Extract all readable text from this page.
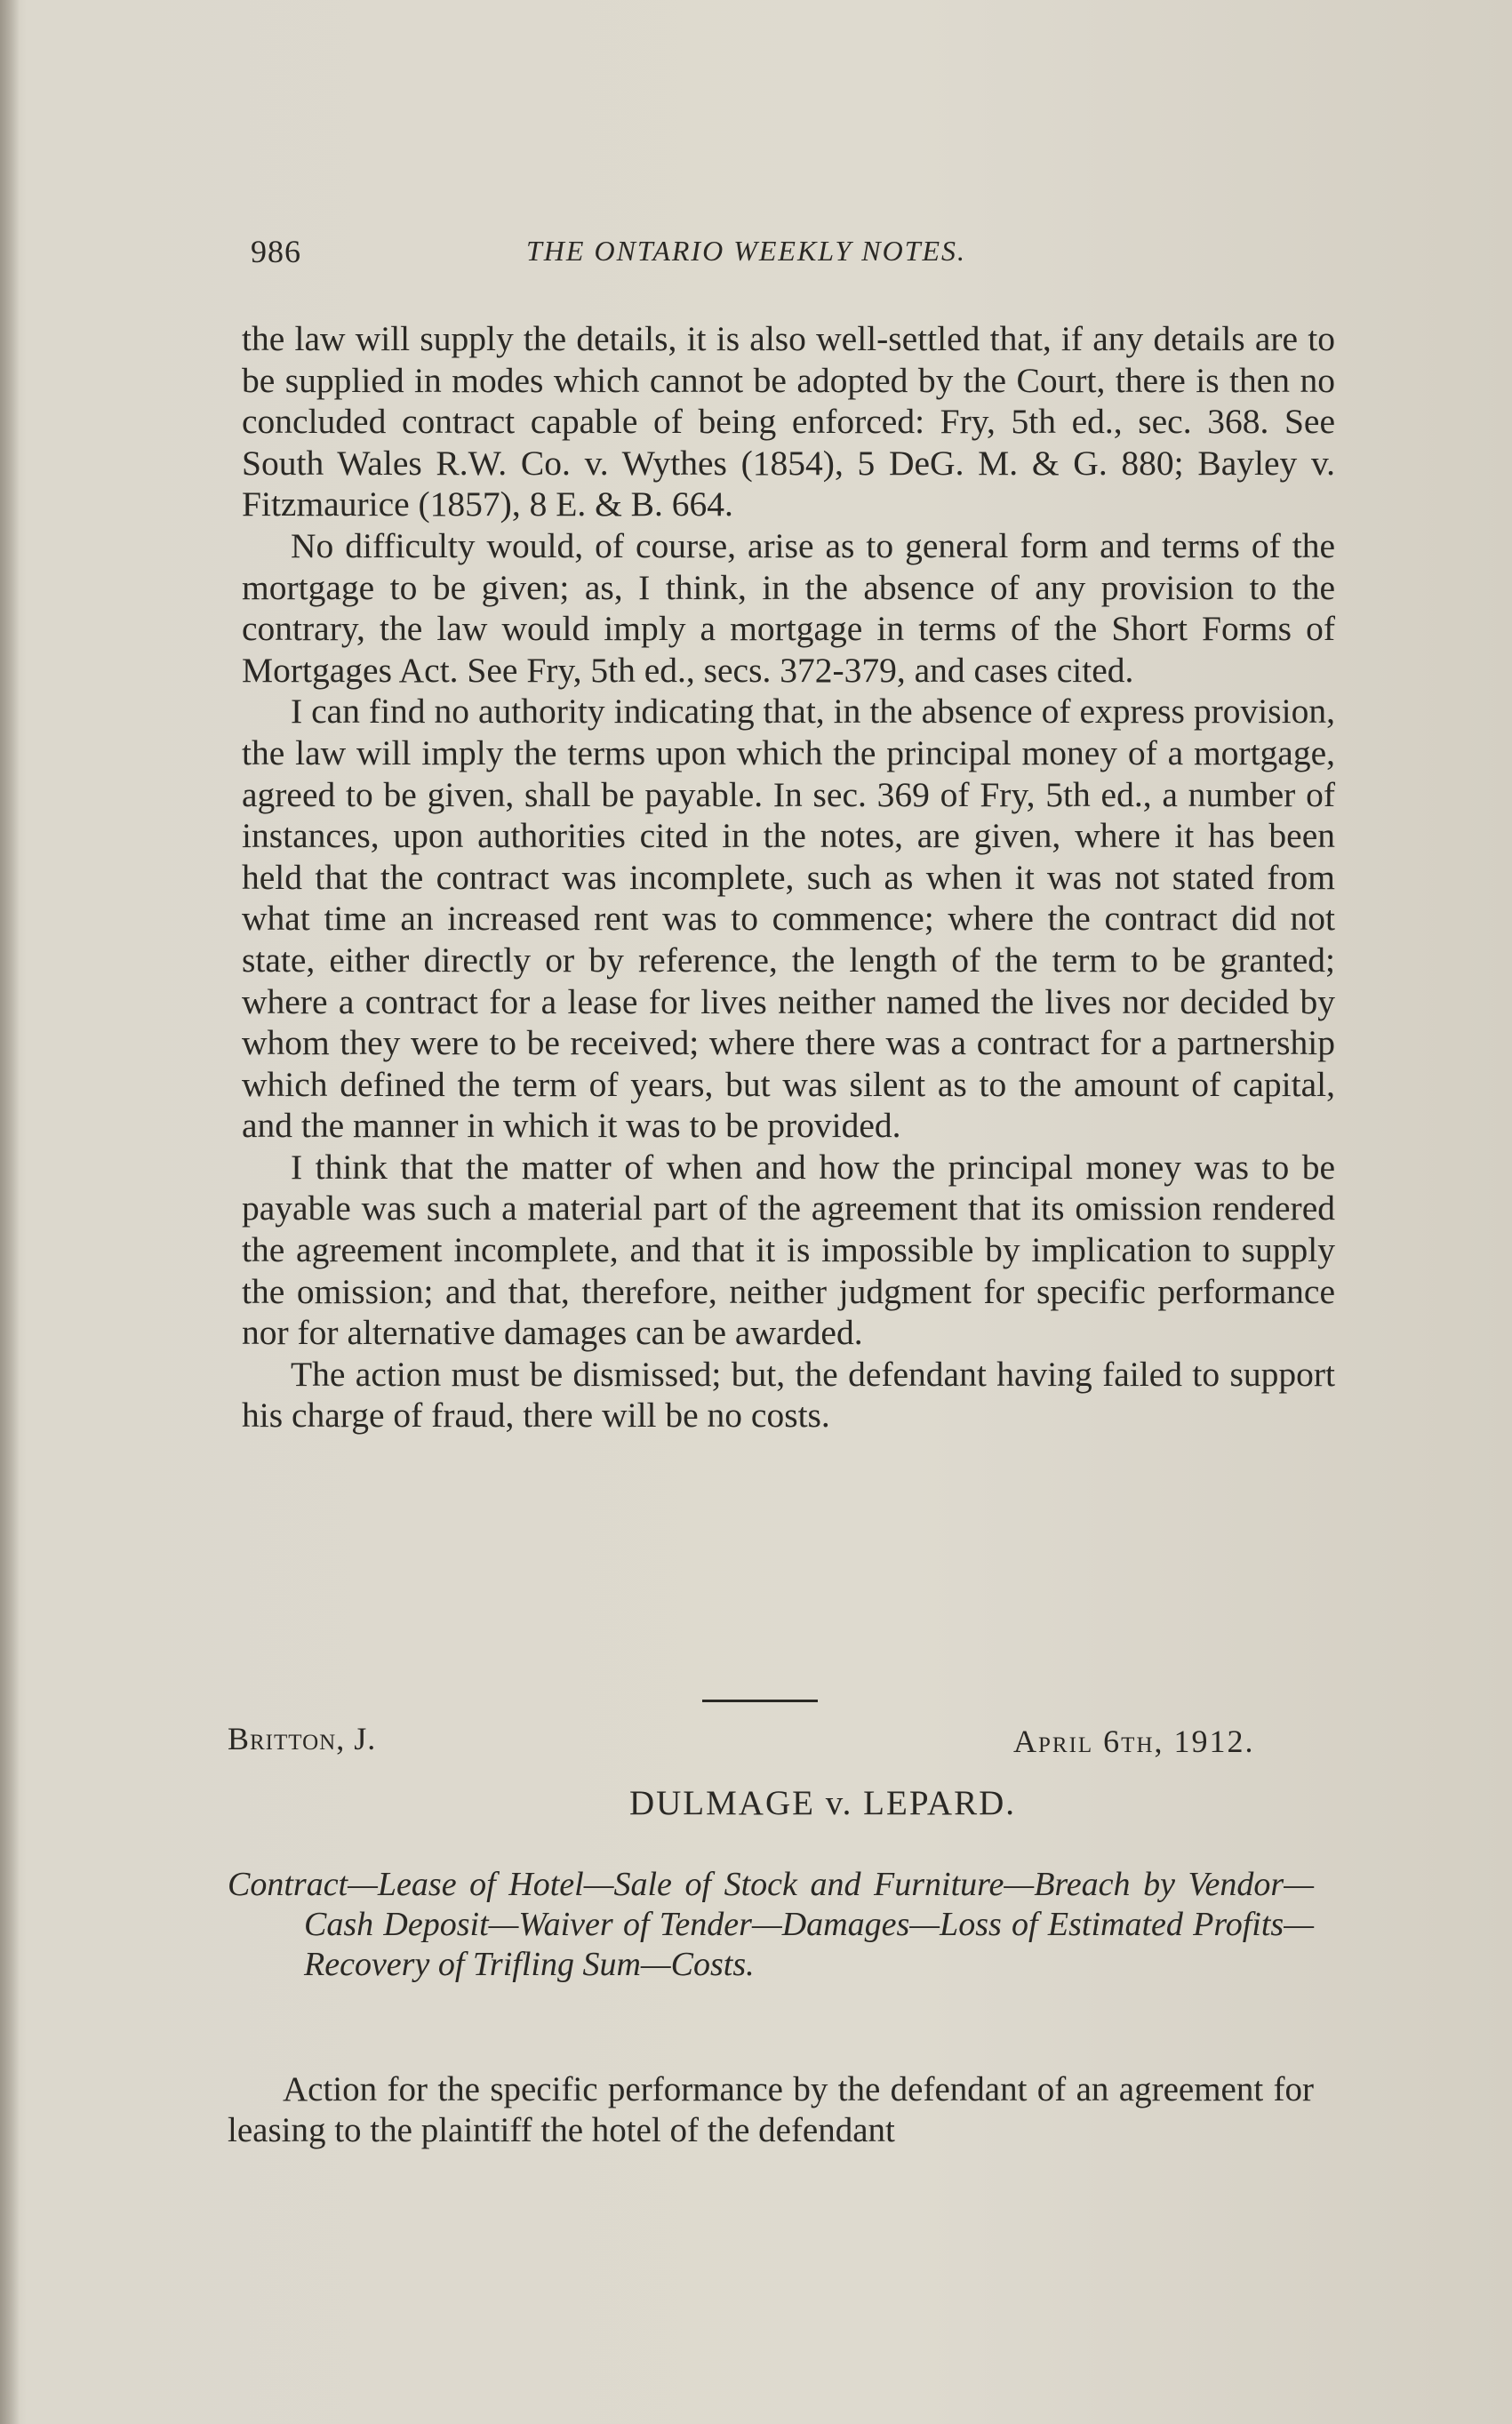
986	THE ONTARIO WEEKLY NOTES.

the law will supply the details, it is also well-settled that, if any details are to be supplied in modes which cannot be adopted by the Court, there is then no concluded contract capable of being enforced: Fry, 5th ed., sec. 368. See South Wales R.W. Co. v. Wythes (1854), 5 DeG. M. & G. 880; Bayley v. Fitzmaurice (1857), 8 E. & B. 664.

No difficulty would, of course, arise as to general form and terms of the mortgage to be given; as, I think, in the absence of any provision to the contrary, the law would imply a mortgage in terms of the Short Forms of Mortgages Act. See Fry, 5th ed., secs. 372-379, and cases cited.

I can find no authority indicating that, in the absence of express provision, the law will imply the terms upon which the principal money of a mortgage, agreed to be given, shall be payable. In sec. 369 of Fry, 5th ed., a number of instances, upon authorities cited in the notes, are given, where it has been held that the contract was incomplete, such as when it was not stated from what time an increased rent was to commence; where the contract did not state, either directly or by reference, the length of the term to be granted; where a contract for a lease for lives neither named the lives nor decided by whom they were to be received; where there was a contract for a partnership which defined the term of years, but was silent as to the amount of capital, and the manner in which it was to be provided.

I think that the matter of when and how the principal money was to be payable was such a material part of the agreement that its omission rendered the agreement incomplete, and that it is impossible by implication to supply the omission; and that, therefore, neither judgment for specific performance nor for alternative damages can be awarded.

The action must be dismissed; but, the defendant having failed to support his charge of fraud, there will be no costs.

Britton, J.	April 6th, 1912.
DULMAGE v. LEPARD.
Contract—Lease of Hotel—Sale of Stock and Furniture—Breach by Vendor—Cash Deposit—Waiver of Tender—Damages—Loss of Estimated Profits—Recovery of Trifling Sum—Costs.

Action for the specific performance by the defendant of an agreement for leasing to the plaintiff the hotel of the defendant
